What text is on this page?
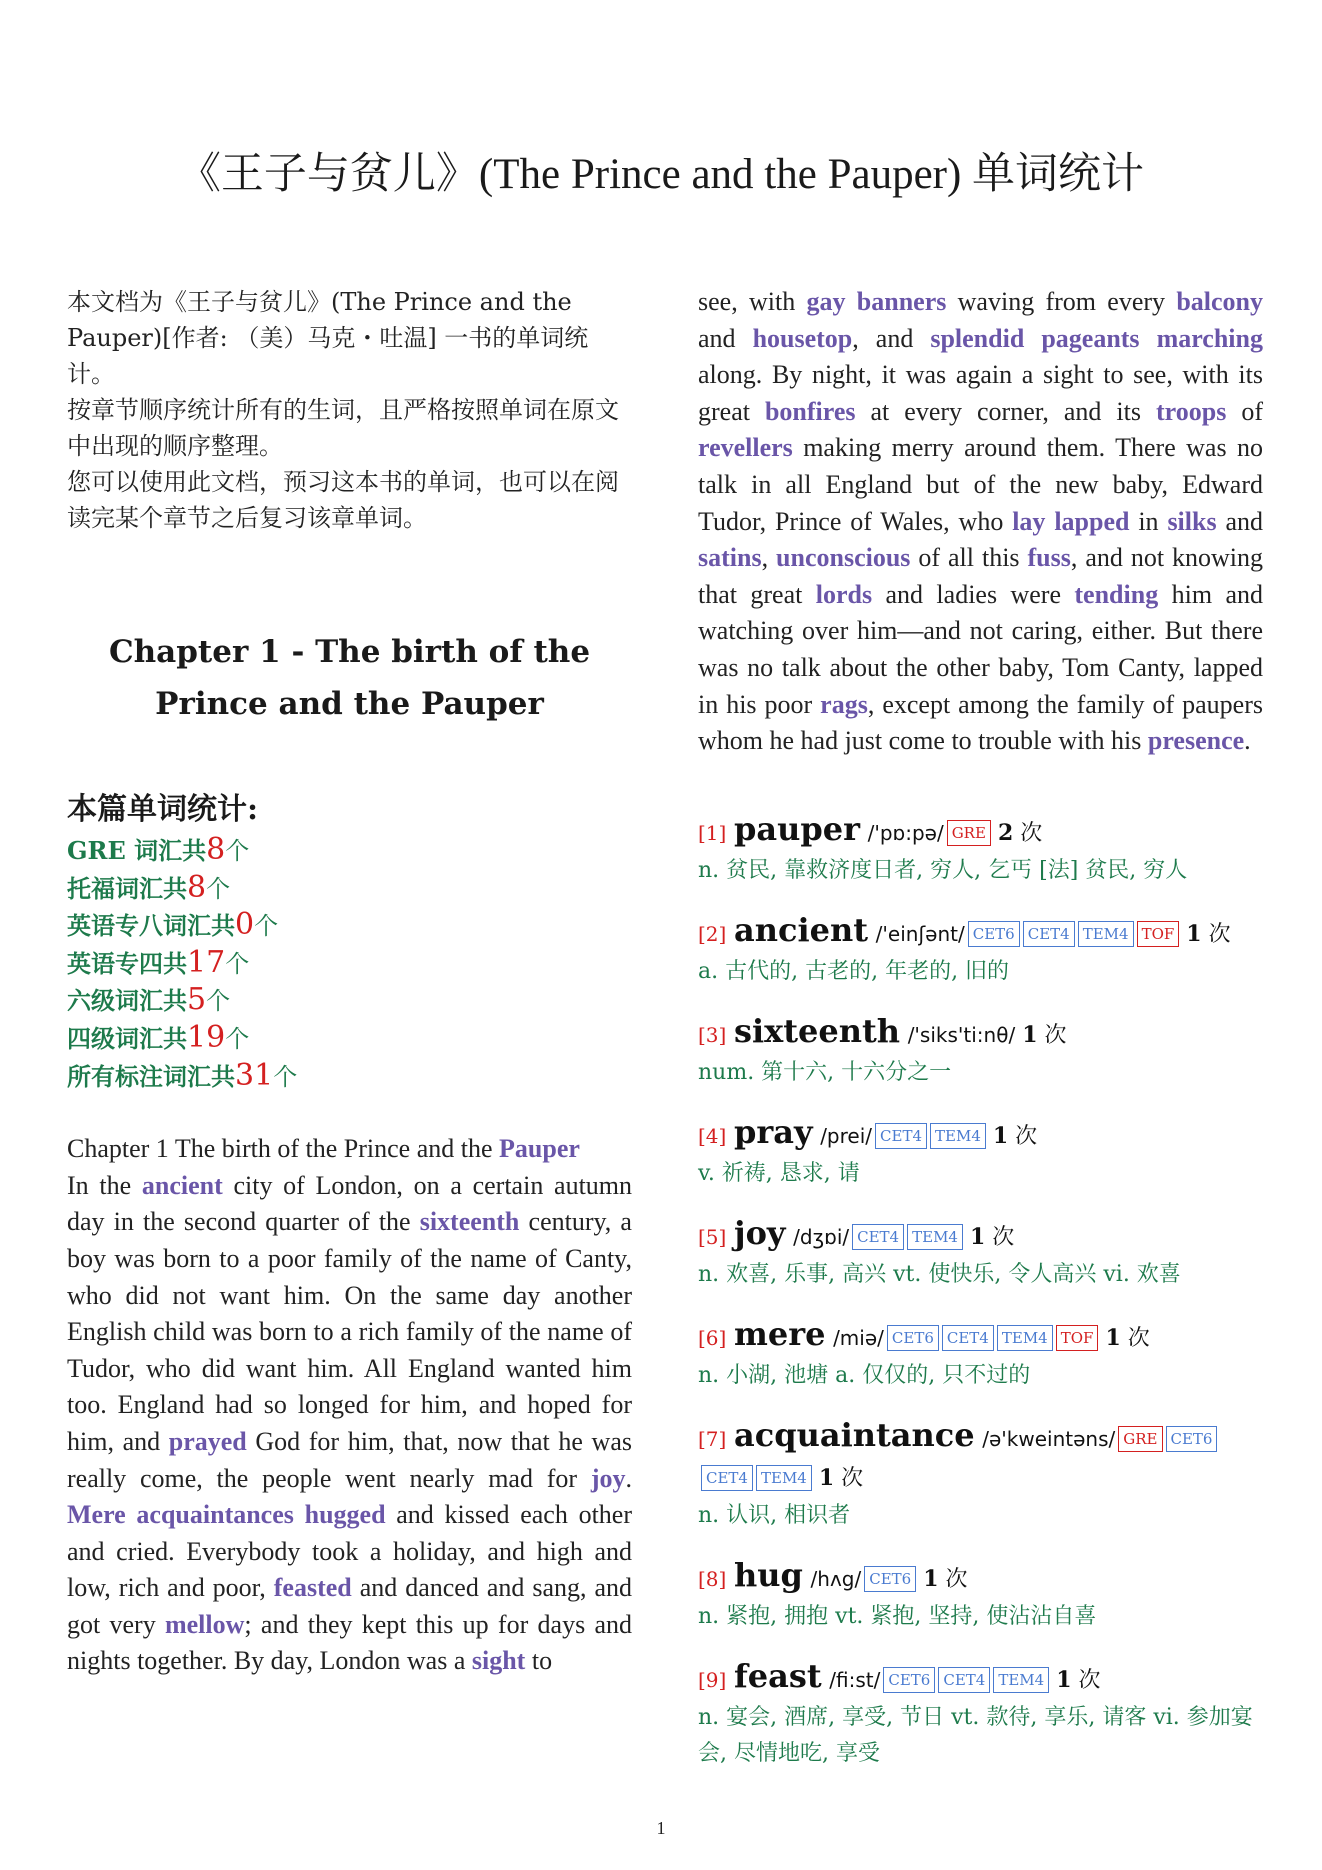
《王子与贫儿》(The Prince and the Pauper) 单词统计

本文档为《王子与贫儿》(The Prince and the Pauper)[作者: （美）马克・吐温] 一书的单词统计。

按章节顺序统计所有的生词，且严格按照单词在原文中出现的顺序整理。

您可以使用此文档，预习这本书的单词，也可以在阅读完某个章节之后复习该章单词。

Chapter 1 - The birth of the Prince and the Pauper
本篇单词统计:
GRE 词汇共8个
托福词汇共8个
英语专八词汇共0个
英语专四共17个
六级词汇共5个
四级词汇共19个
所有标注词汇共31个
Chapter 1 The birth of the Prince and the Pauper
In the ancient city of London, on a certain autumn day in the second quarter of the sixteenth century, a boy was born to a poor family of the name of Canty, who did not want him. On the same day another English child was born to a rich family of the name of Tudor, who did want him. All England wanted him too. England had so longed for him, and hoped for him, and prayed God for him, that, now that he was really come, the people went nearly mad for joy. Mere acquaintances hugged and kissed each other and cried. Everybody took a holiday, and high and low, rich and poor, feasted and danced and sang, and got very mellow; and they kept this up for days and nights together. By day, London was a sight to
see, with gay banners waving from every balcony and housetop, and splendid pageants marching along. By night, it was again a sight to see, with its great bonfires at every corner, and its troops of revellers making merry around them. There was no talk in all England but of the new baby, Edward Tudor, Prince of Wales, who lay lapped in silks and satins, unconscious of all this fuss, and not knowing that great lords and ladies were tending him and watching over him—and not caring, either. But there was no talk about the other baby, Tom Canty, lapped in his poor rags, except among the family of paupers whom he had just come to trouble with his presence.
[1] pauper /'pɒ:pə/ GRE 2 次
n. 贫民, 靠救济度日者, 穷人, 乞丐 [法] 贫民, 穷人
[2] ancient /'einʃənt/ CET6 CET4 TEM4 TOF 1 次
a. 古代的, 古老的, 年老的, 旧的
[3] sixteenth /'siks'ti:nθ/ 1 次
num. 第十六, 十六分之一
[4] pray /prei/ CET4 TEM4 1 次
v. 祈祷, 恳求, 请
[5] joy /dʒɒi/ CET4 TEM4 1 次
n. 欢喜, 乐事, 高兴 vt. 使快乐, 令人高兴 vi. 欢喜
[6] mere /miə/ CET6 CET4 TEM4 TOF 1 次
n. 小湖, 池塘 a. 仅仅的, 只不过的
[7] acquaintance /ə'kweintəns/ GRE CET6CET4 TEM4 1 次
n. 认识, 相识者
[8] hug /hʌg/ CET6 1 次
n. 紧抱, 拥抱 vt. 紧抱, 坚持, 使沾沾自喜
[9] feast /fi:st/ CET6 CET4 TEM4 1 次
n. 宴会, 酒席, 享受, 节日 vt. 款待, 享乐, 请客 vi. 参加宴会, 尽情地吃, 享受
1
